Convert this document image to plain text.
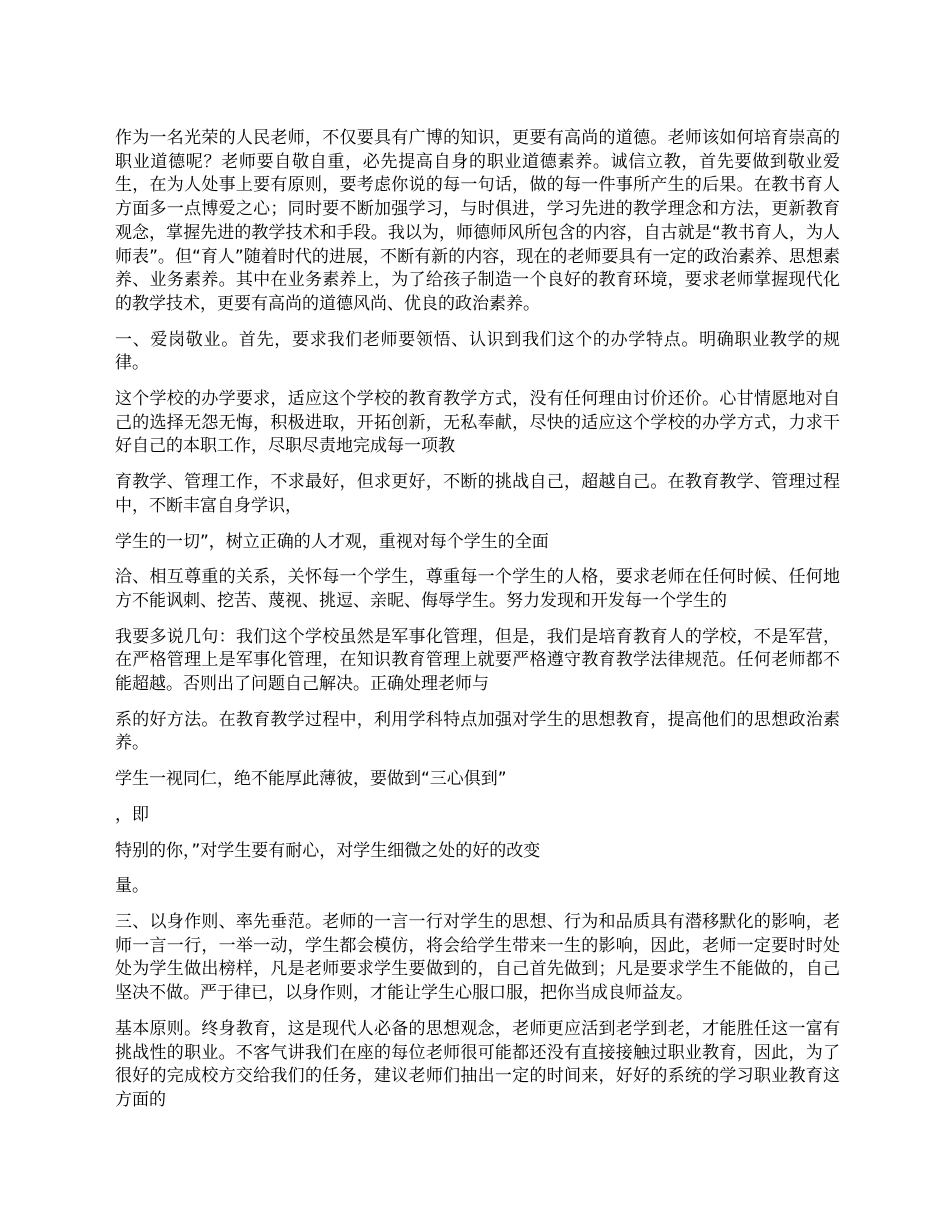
作为一名光荣的人民老师，不仅要具有广博的知识，更要有高尚的道德。老师该如何培育崇高的职业道德呢？老师要自敬自重，必先提高自身的职业道德素养。诚信立教，首先要做到敬业爱生，在为人处事上要有原则，要考虑你说的每一句话，做的每一件事所产生的后果。在教书育人方面多一点博爱之心；同时要不断加强学习，与时俱进，学习先进的教学理念和方法，更新教育观念，掌握先进的教学技术和手段。我以为，师德师风所包含的内容，自古就是“教书育人，为人师表”。但“育人”随着时代的进展，不断有新的内容，现在的老师要具有一定的政治素养、思想素养、业务素养。其中在业务素养上，为了给孩子制造一个良好的教育环境，要求老师掌握现代化的教学技术，更要有高尚的道德风尚、优良的政治素养。

一、爱岗敬业。首先，要求我们老师要领悟、认识到我们这个的办学特点。明确职业教学的规律。

这个学校的办学要求，适应这个学校的教育教学方式，没有任何理由讨价还价。心甘情愿地对自己的选择无怨无悔，积极进取，开拓创新，无私奉献，尽快的适应这个学校的办学方式，力求干好自己的本职工作，尽职尽责地完成每一项教

育教学、管理工作，不求最好，但求更好，不断的挑战自己，超越自己。在教育教学、管理过程中，不断丰富自身学识，

学生的一切”，树立正确的人才观，重视对每个学生的全面

洽、相互尊重的关系，关怀每一个学生，尊重每一个学生的人格，要求老师在任何时候、任何地方不能讽刺、挖苦、蔑视、挑逗、亲昵、侮辱学生。努力发现和开发每一个学生的

我要多说几句：我们这个学校虽然是军事化管理，但是，我们是培育教育人的学校，不是军营，在严格管理上是军事化管理，在知识教育管理上就要严格遵守教育教学法律规范。任何老师都不能超越。否则出了问题自己解决。正确处理老师与

系的好方法。在教育教学过程中，利用学科特点加强对学生的思想教育，提高他们的思想政治素养。

学生一视同仁，绝不能厚此薄彼，要做到“三心俱到”

，即

特别的你，”对学生要有耐心，对学生细微之处的好的改变

量。

三、以身作则、率先垂范。老师的一言一行对学生的思想、行为和品质具有潜移默化的影响，老师一言一行，一举一动，学生都会模仿，将会给学生带来一生的影响，因此，老师一定要时时处处为学生做出榜样，凡是老师要求学生要做到的，自己首先做到；凡是要求学生不能做的，自己坚决不做。严于律已，以身作则，才能让学生心服口服，把你当成良师益友。

基本原则。终身教育，这是现代人必备的思想观念，老师更应活到老学到老，才能胜任这一富有挑战性的职业。不客气讲我们在座的每位老师很可能都还没有直接接触过职业教育，因此，为了很好的完成校方交给我们的任务，建议老师们抽出一定的时间来，好好的系统的学习职业教育这方面的
